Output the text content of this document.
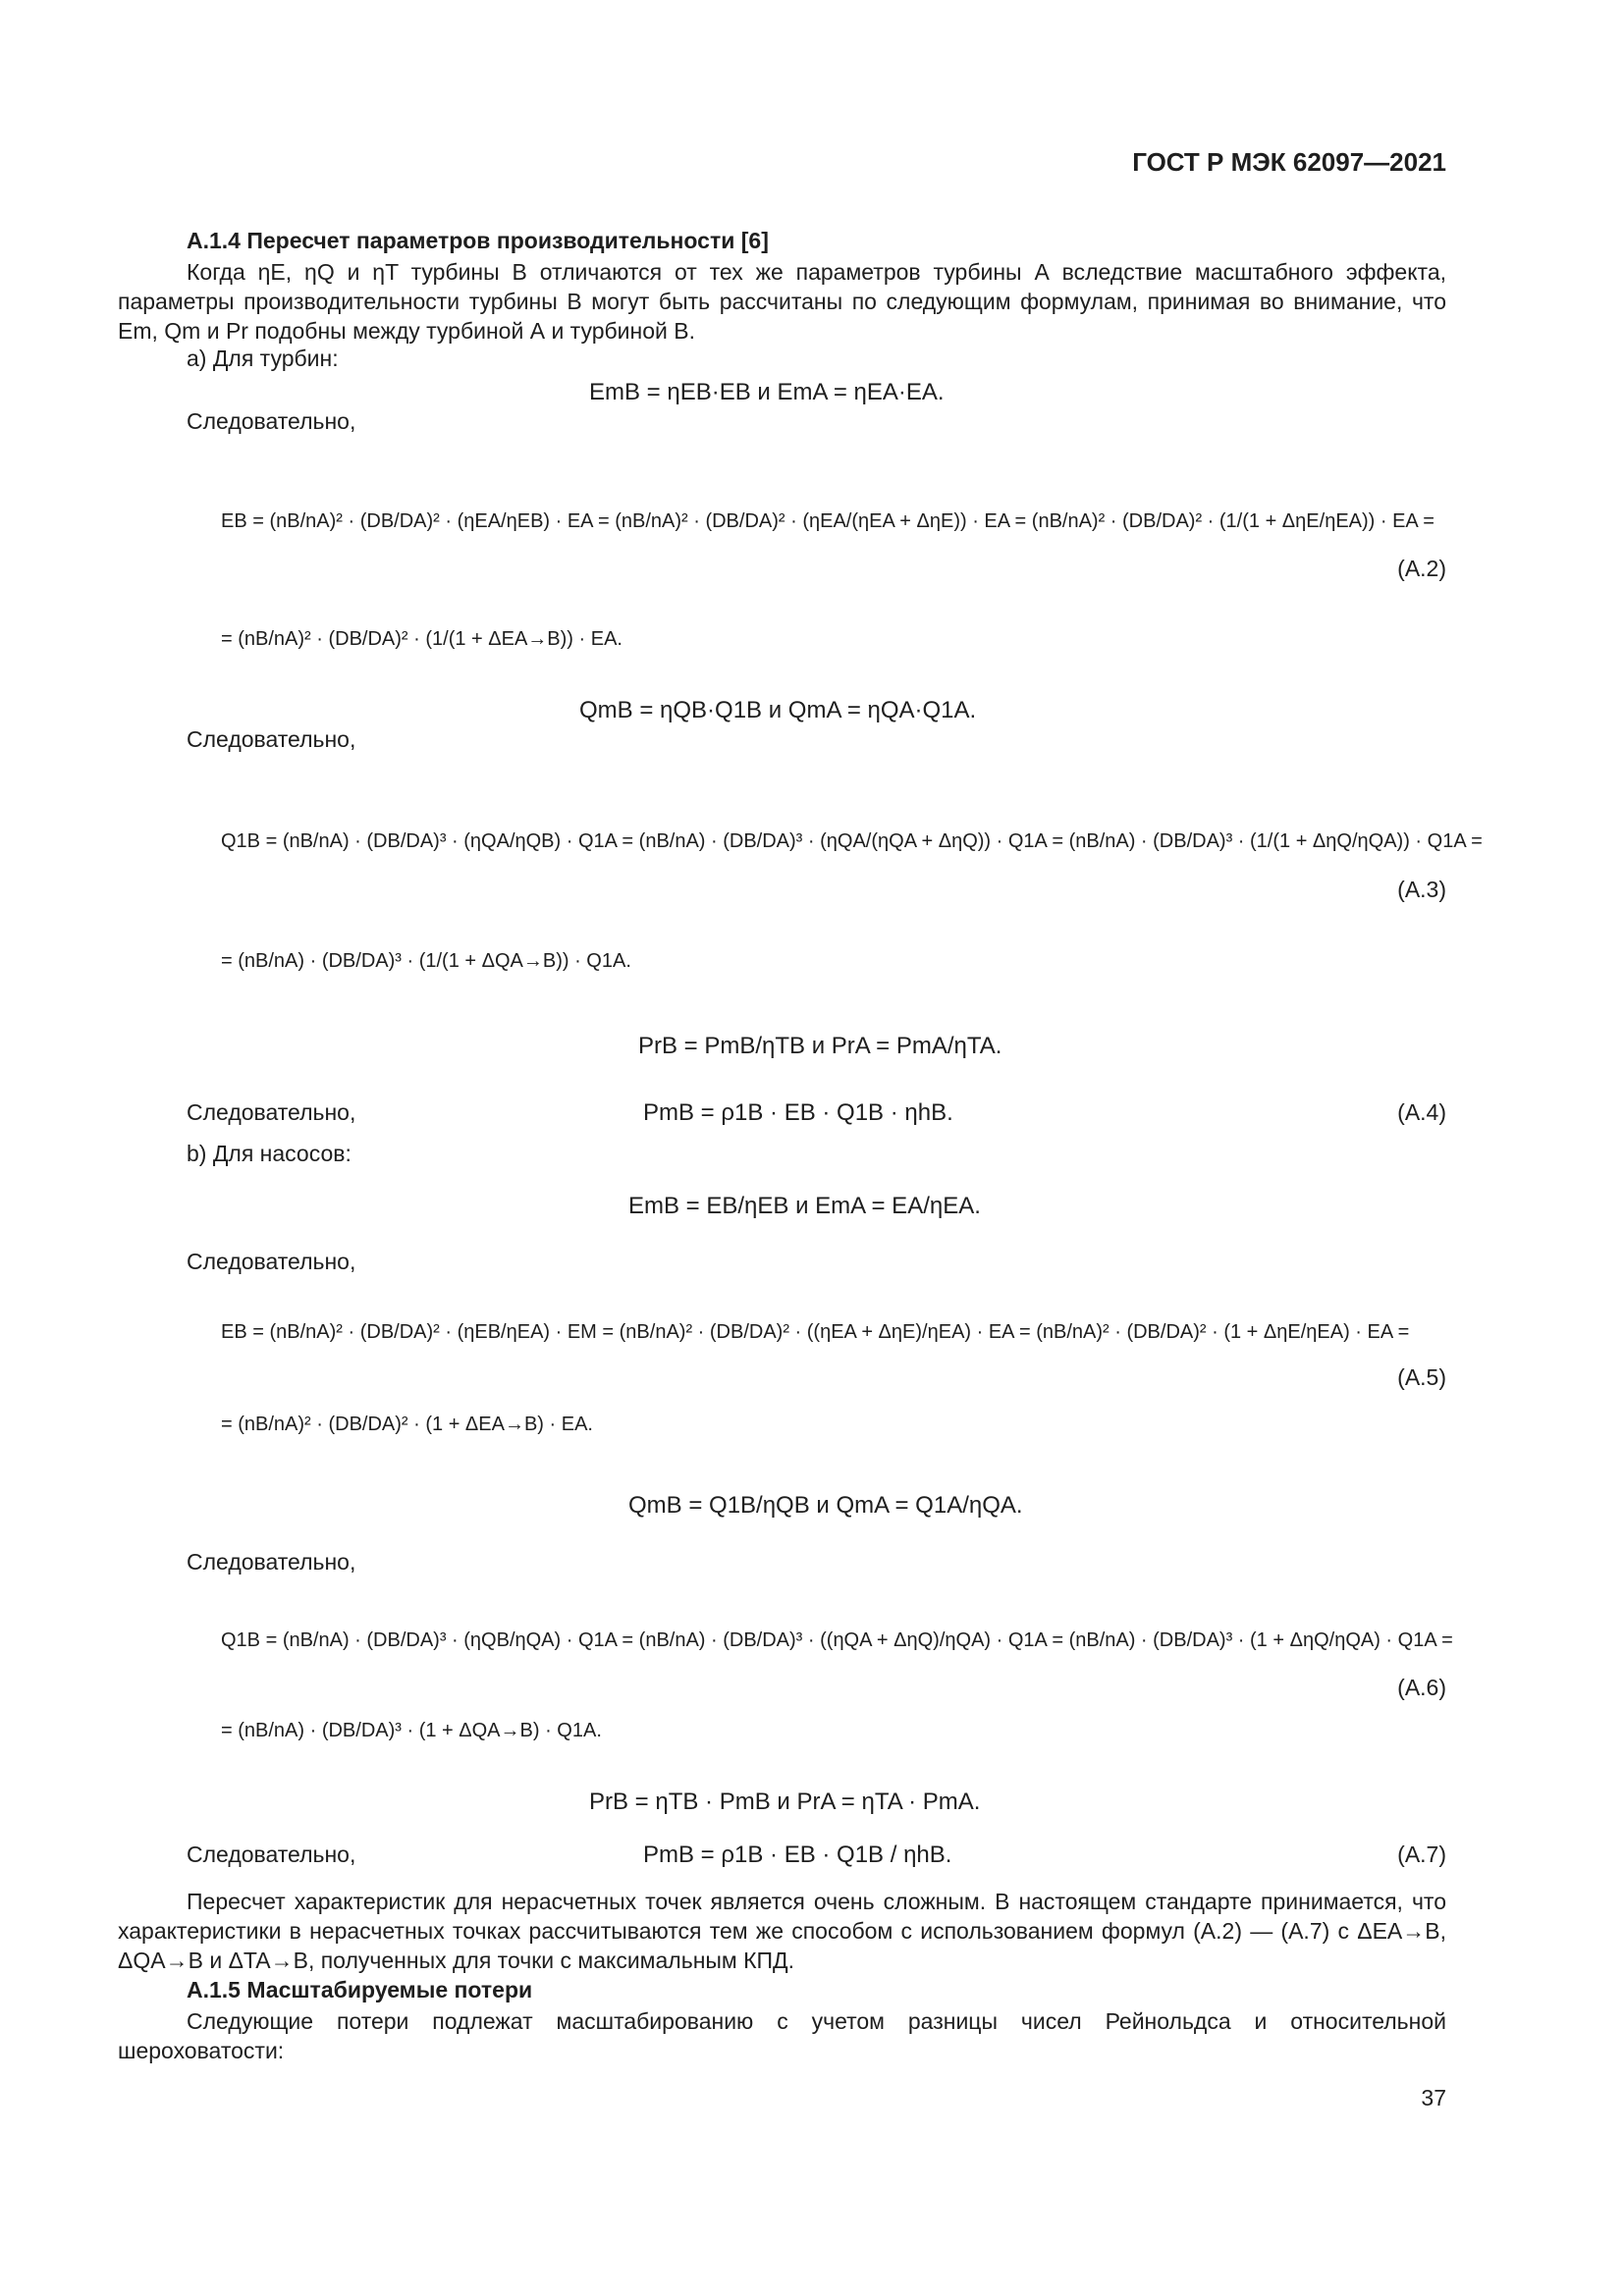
ГОСТ Р МЭК 62097—2021
А.1.4 Пересчет параметров производительности [6]
Когда ηE, ηQ и ηT турбины В отличаются от тех же параметров турбины А вследствие масштабного эффекта, параметры производительности турбины В могут быть рассчитаны по следующим формулам, принимая во внимание, что Em, Qm и Pr подобны между турбиной А и турбиной В.
а) Для турбин:
EmB = ηEB·EB и EmA = ηEA·EA.
Следовательно,
EB = (nB/nA)² · (DB/DA)² · (ηEA/ηEB) · EA = (nB/nA)² · (DB/DA)² · (ηEA/(ηEA + ΔηE)) · EA = (nB/nA)² · (DB/DA)² · (1/(1 + ΔηE/ηEA)) · EA =
(А.2)
= (nB/nA)² · (DB/DA)² · (1/(1 + ΔEA→B)) · EA.
QmB = ηQB·Q1B и QmA = ηQA·Q1A.
Следовательно,
Q1B = (nB/nA) · (DB/DA)³ · (ηQA/ηQB) · Q1A = (nB/nA) · (DB/DA)³ · (ηQA/(ηQA + ΔηQ)) · Q1A = (nB/nA) · (DB/DA)³ · (1/(1 + ΔηQ/ηQA)) · Q1A =
(А.3)
= (nB/nA) · (DB/DA)³ · (1/(1 + ΔQA→B)) · Q1A.
PrB = PmB/ηTB и PrA = PmA/ηTA.
Следовательно,	PmB = ρ1B · EB · Q1B · ηhB.	(А.4)
b) Для насосов:
EmB = EB/ηEB и EmA = EA/ηEA.
Следовательно,
EB = (nB/nA)² · (DB/DA)² · (ηEB/ηEA) · EM = (nB/nA)² · (DB/DA)² · ((ηEA + ΔηE)/ηEA) · EA = (nB/nA)² · (DB/DA)² · (1 + ΔηE/ηEA) · EA =
(А.5)
= (nB/nA)² · (DB/DA)² · (1 + ΔEA→B) · EA.
QmB = Q1B/ηQB и QmA = Q1A/ηQA.
Следовательно,
Q1B = (nB/nA) · (DB/DA)³ · (ηQB/ηQA) · Q1A = (nB/nA) · (DB/DA)³ · ((ηQA + ΔηQ)/ηQA) · Q1A = (nB/nA) · (DB/DA)³ · (1 + ΔηQ/ηQA) · Q1A =
(А.6)
= (nB/nA) · (DB/DA)³ · (1 + ΔQA→B) · Q1A.
PrB = ηTB · PmB и PrA = ηTA · PmA.
Следовательно,	PmB = ρ1B · EB · Q1B / ηhB.	(А.7)
Пересчет характеристик для нерасчетных точек является очень сложным. В настоящем стандарте принимается, что характеристики в нерасчетных точках рассчитываются тем же способом с использованием формул (А.2) — (А.7) с ΔEA→B, ΔQA→B и ΔTA→B, полученных для точки с максимальным КПД.
А.1.5 Масштабируемые потери
Следующие потери подлежат масштабированию с учетом разницы чисел Рейнольдса и относительной шероховатости:
37
